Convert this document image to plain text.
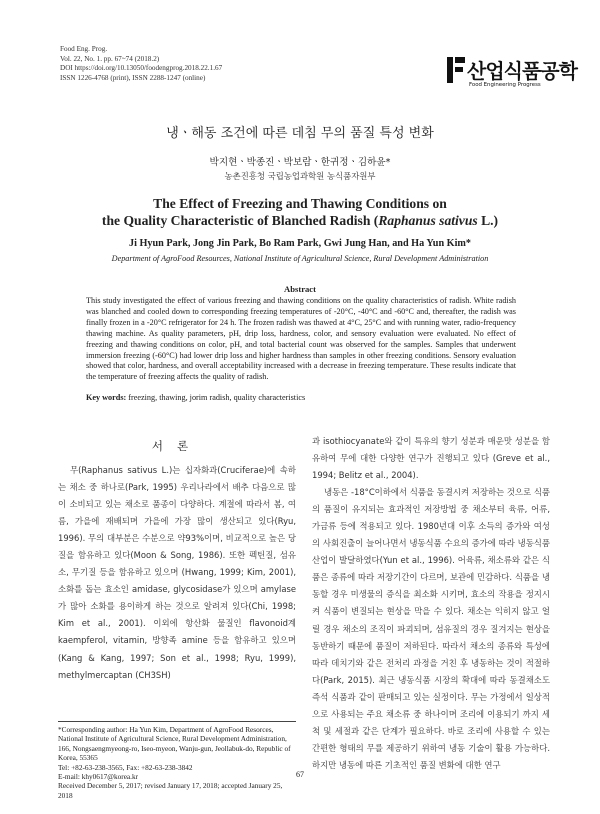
Food Eng. Prog.
Vol. 22, No. 1. pp. 67~74 (2018.2)
DOI https://doi.org/10.13050/foodengprog.2018.22.1.67
ISSN 1226-4768 (print), ISSN 2288-1247 (online)	산업식품공학
Food Engineering Progress
냉ㆍ해동 조건에 따른 데침 무의 품질 특성 변화
박지현ㆍ박종진ㆍ박보람ㆍ한귀정ㆍ김하윤*
농촌진흥청 국립농업과학원 농식품자원부
The Effect of Freezing and Thawing Conditions on
the Quality Characteristic of Blanched Radish (Raphanus sativus L.)
Ji Hyun Park, Jong Jin Park, Bo Ram Park, Gwi Jung Han, and Ha Yun Kim*
Department of AgroFood Resources, National Institute of Agricultural Science, Rural Development Administration
Abstract
This study investigated the effect of various freezing and thawing conditions on the quality characteristics of radish. White radish was blanched and cooled down to corresponding freezing temperatures of -20°C, -40°C and -60°C and, thereafter, the radish was finally frozen in a -20°C refrigerator for 24 h. The frozen radish was thawed at 4°C, 25°C and with running water, radio-frequency thawing machine. As quality parameters, pH, drip loss, hardness, color, and sensory evaluation were evaluated. No effect of freezing and thawing conditions on color, pH, and total bacterial count was observed for the samples. Samples that underwent immersion freezing (-60°C) had lower drip loss and higher hardness than samples in other freezing conditions. Sensory evaluation showed that color, hardness, and overall acceptability increased with a decrease in freezing temperature. These results indicate that the temperature of freezing affects the quality of radish.
Key words: freezing, thawing, jorim radish, quality characteristics
서론

무(Raphanus sativus L.)는 십자화과(Cruciferae)에 속하는 채소 중 하나로(Park, 1995) 우리나라에서 배추 다음으로 많이 소비되고 있는 채소로 품종이 다양하다. 계절에 따라서 봄, 여름, 가을에 재배되며 가을에 가장 많이 생산되고 있다(Ryu, 1996). 무의 대부분은 수분으로 약93%이며, 비교적으로 높은 당질을 함유하고 있다(Moon & Song, 1986). 또한 펙틴질, 섬유소, 무기질 등을 함유하고 있으며 (Hwang, 1999; Kim, 2001), 소화를 돕는 효소인 amidase, glycosidase가 있으며 amylase가 많아 소화를 용이하게 하는 것으로 알려져 있다(Chi, 1998; Kim et al., 2001). 이외에 항산화 물질인 flavonoid계 kaempferol, vitamin, 방향족 amine 등을 함유하고 있으며(Kang & Kang, 1997; Son et al., 1998; Ryu, 1999), methylmercaptan (CH3SH)

과 isothiocyanate와 같이 특유의 향기 성분과 매운맛 성분을 함유하여 무에 대한 다양한 연구가 진행되고 있다 (Greve et al., 1994; Belitz et al., 2004).

냉동은 -18°C이하에서 식품을 동결시켜 저장하는 것으로 식품의 품질이 유지되는 효과적인 저장방법 중 채소부터 육류, 어류, 가금류 등에 적용되고 있다. 1980년대 이후 소득의 증가와 여성의 사회진출이 늘어나면서 냉동식품 수요의 증가에 따라 냉동식품 산업이 발달하였다(Yun et al., 1996). 어육류, 채소류와 같은 식품은 종류에 따라 저장기간이 다르며, 보관에 민감하다. 식품을 냉동할 경우 미생물의 증식을 최소화 시키며, 효소의 작용을 정지시켜 식품이 변질되는 현상을 막을 수 있다. 채소는 익히지 않고 얼릴 경우 채소의 조직이 파괴되며, 섬유질의 경우 질겨지는 현상을 동반하기 때문에 품질이 저하된다. 따라서 채소의 종류와 특성에 따라 데치기와 같은 전처리 과정을 거친 후 냉동하는 것이 적절하다(Park, 2015). 최근 냉동식품 시장의 확대에 따라 동결채소도 즉석 식품과 같이 판매되고 있는 실정이다. 무는 가정에서 일상적으로 사용되는 주요 채소류 중 하나이며 조리에 이용되기 까지 세척 및 세절과 같은 단계가 필요하다. 바로 조리에 사용할 수 있는 간편한 형태의 무를 제공하기 위하여 냉동 기술이 활용 가능하다. 하지만 냉동에 따른 기초적인 품질 변화에 대한 연구

*Corresponding author: Ha Yun Kim, Department of AgroFood Resorces, National Institute of Agricultural Science, Rural Development Administration, 166, Nongsaengmyeong-ro, Iseo-myeon, Wanju-gun, Jeollabuk-do, Republic of Korea, 55365
Tel: +82-63-238-3565, Fax: +82-63-238-3842
E-mail: khy0617@korea.kr
Received December 5, 2017; revised January 17, 2018; accepted January 25, 2018
67
